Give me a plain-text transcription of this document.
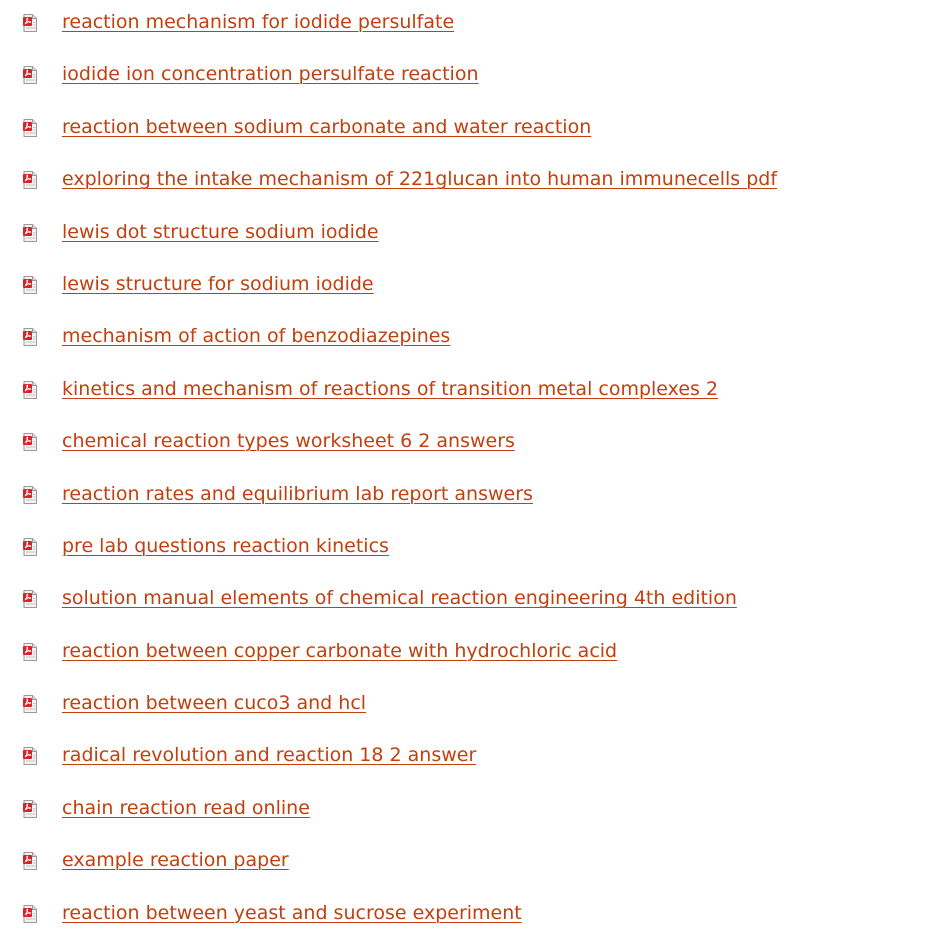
reaction mechanism for iodide persulfate
iodide ion concentration persulfate reaction
reaction between sodium carbonate and water reaction
exploring the intake mechanism of 221glucan into human immunecells pdf
lewis dot structure sodium iodide
lewis structure for sodium iodide
mechanism of action of benzodiazepines
kinetics and mechanism of reactions of transition metal complexes 2
chemical reaction types worksheet 6 2 answers
reaction rates and equilibrium lab report answers
pre lab questions reaction kinetics
solution manual elements of chemical reaction engineering 4th edition
reaction between copper carbonate with hydrochloric acid
reaction between cuco3 and hcl
radical revolution and reaction 18 2 answer
chain reaction read online
example reaction paper
reaction between yeast and sucrose experiment
